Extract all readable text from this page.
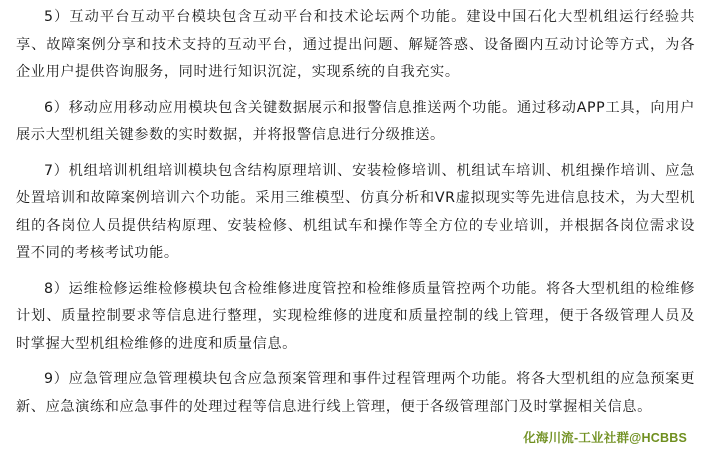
5）互动平台互动平台模块包含互动平台和技术论坛两个功能。建设中国石化大型机组运行经验共享、故障案例分享和技术支持的互动平台，通过提出问题、解疑答惑、设备圈内互动讨论等方式，为各企业用户提供咨询服务，同时进行知识沉淀，实现系统的自我充实。

6）移动应用移动应用模块包含关键数据展示和报警信息推送两个功能。通过移动APP工具，向用户展示大型机组关键参数的实时数据，并将报警信息进行分级推送。

7）机组培训机组培训模块包含结构原理培训、安装检修培训、机组试车培训、机组操作培训、应急处置培训和故障案例培训六个功能。采用三维模型、仿真分析和VR虚拟现实等先进信息技术，为大型机组的各岗位人员提供结构原理、安装检修、机组试车和操作等全方位的专业培训，并根据各岗位需求设置不同的考核考试功能。

8）运维检修运维检修模块包含检维修进度管控和检维修质量管控两个功能。将各大型机组的检维修计划、质量控制要求等信息进行整理，实现检维修的进度和质量控制的线上管理，便于各级管理人员及时掌握大型机组检维修的进度和质量信息。

9）应急管理应急管理模块包含应急预案管理和事件过程管理两个功能。将各大型机组的应急预案更新、应急演练和应急事件的处理过程等信息进行线上管理，便于各级管理部门及时掌握相关信息。

化海川流-工业社群@HCBBS
